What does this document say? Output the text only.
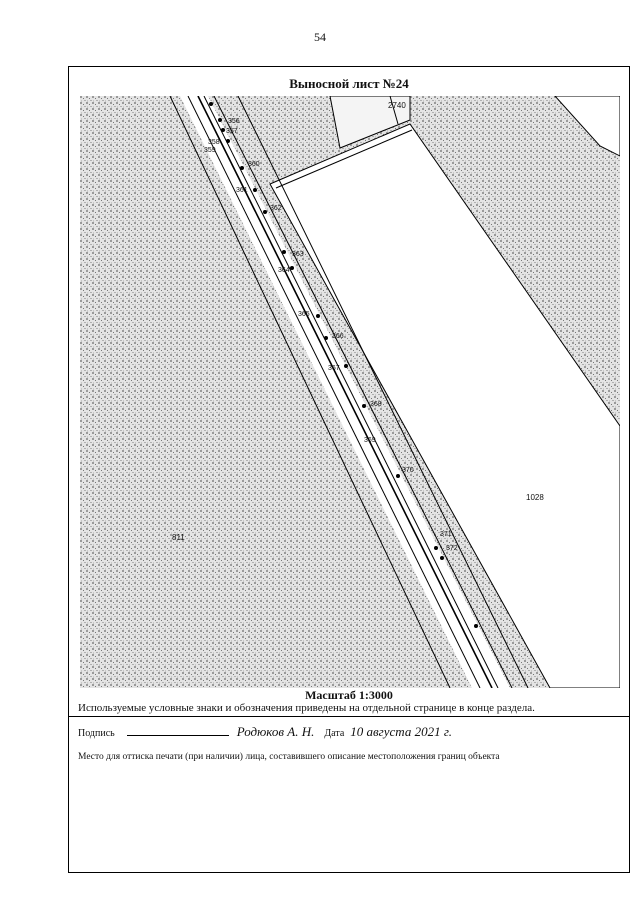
54
Выносной лист №24
356
357
358
359
360
361
362
363
364
365
366
367
368
369
370
371
372
2740
1028
811
Масштаб 1:3000
Используемые условные знаки и обозначения приведены на отдельной странице в конце раздела.
Подпись	Родюков А. Н. Дата 10 августа 2021 г.
Место для оттиска печати (при наличии) лица, составившего описание местоположения границ объекта
